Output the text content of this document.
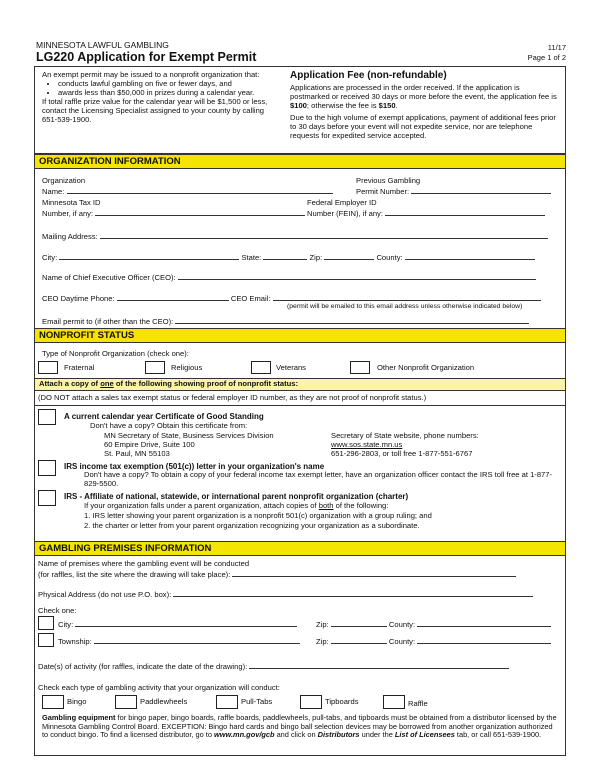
MINNESOTA LAWFUL GAMBLING
LG220 Application for Exempt Permit
11/17
Page 1 of 2
An exempt permit may be issued to a nonprofit organization that:
• conducts lawful gambling on five or fewer days, and
• awards less than $50,000 in prizes during a calendar year.
If total raffle prize value for the calendar year will be $1,500 or less, contact the Licensing Specialist assigned to your county by calling 651-539-1900.
Application Fee (non-refundable)
Applications are processed in the order received. If the application is postmarked or received 30 days or more before the event, the application fee is $100; otherwise the fee is $150.
Due to the high volume of exempt applications, payment of additional fees prior to 30 days before your event will not expedite service, nor are telephone requests for expedited service accepted.
ORGANIZATION INFORMATION
Organization
Name:
Previous Gambling
Permit Number:
Minnesota Tax ID
Number, if any:
Federal Employer ID
Number (FEIN), if any:
Mailing Address:
City:	State:	Zip:	County:
Name of Chief Executive Officer (CEO):
CEO Daytime Phone:	CEO Email:
(permit will be emailed to this email address unless otherwise indicated below)
Email permit to (if other than the CEO):
NONPROFIT STATUS
Type of Nonprofit Organization (check one):
Fraternal	Religious	Veterans	Other Nonprofit Organization
Attach a copy of one of the following showing proof of nonprofit status:
(DO NOT attach a sales tax exempt status or federal employer ID number, as they are not proof of nonprofit status.)
A current calendar year Certificate of Good Standing
Don't have a copy? Obtain this certificate from:
MN Secretary of State, Business Services Division
60 Empire Drive, Suite 100
St. Paul, MN 55103
Secretary of State website, phone numbers:
www.sos.state.mn.us
651-296-2803, or toll free 1-877-551-6767
IRS income tax exemption (501(c)) letter in your organization's name
Don't have a copy? To obtain a copy of your federal income tax exempt letter, have an organization officer contact the IRS toll free at 1-877-829-5500.
IRS - Affiliate of national, statewide, or international parent nonprofit organization (charter)
If your organization falls under a parent organization, attach copies of both of the following:
1. IRS letter showing your parent organization is a nonprofit 501(c) organization with a group ruling; and
2. the charter or letter from your parent organization recognizing your organization as a subordinate.
GAMBLING PREMISES INFORMATION
Name of premises where the gambling event will be conducted
(for raffles, list the site where the drawing will take place):
Physical Address (do not use P.O. box):
Check one:
City:	Zip:	County:
Township:	Zip:	County:
Date(s) of activity (for raffles, indicate the date of the drawing):
Check each type of gambling activity that your organization will conduct:
Bingo	Paddlewheels	Pull-Tabs	Tipboards	Raffle
Gambling equipment for bingo paper, bingo boards, raffle boards, paddlewheels, pull-tabs, and tipboards must be obtained from a distributor licensed by the Minnesota Gambling Control Board. EXCEPTION: Bingo hard cards and bingo ball selection devices may be borrowed from another organization authorized to conduct bingo. To find a licensed distributor, go to www.mn.gov/gcb and click on Distributors under the List of Licensees tab, or call 651-539-1900.
